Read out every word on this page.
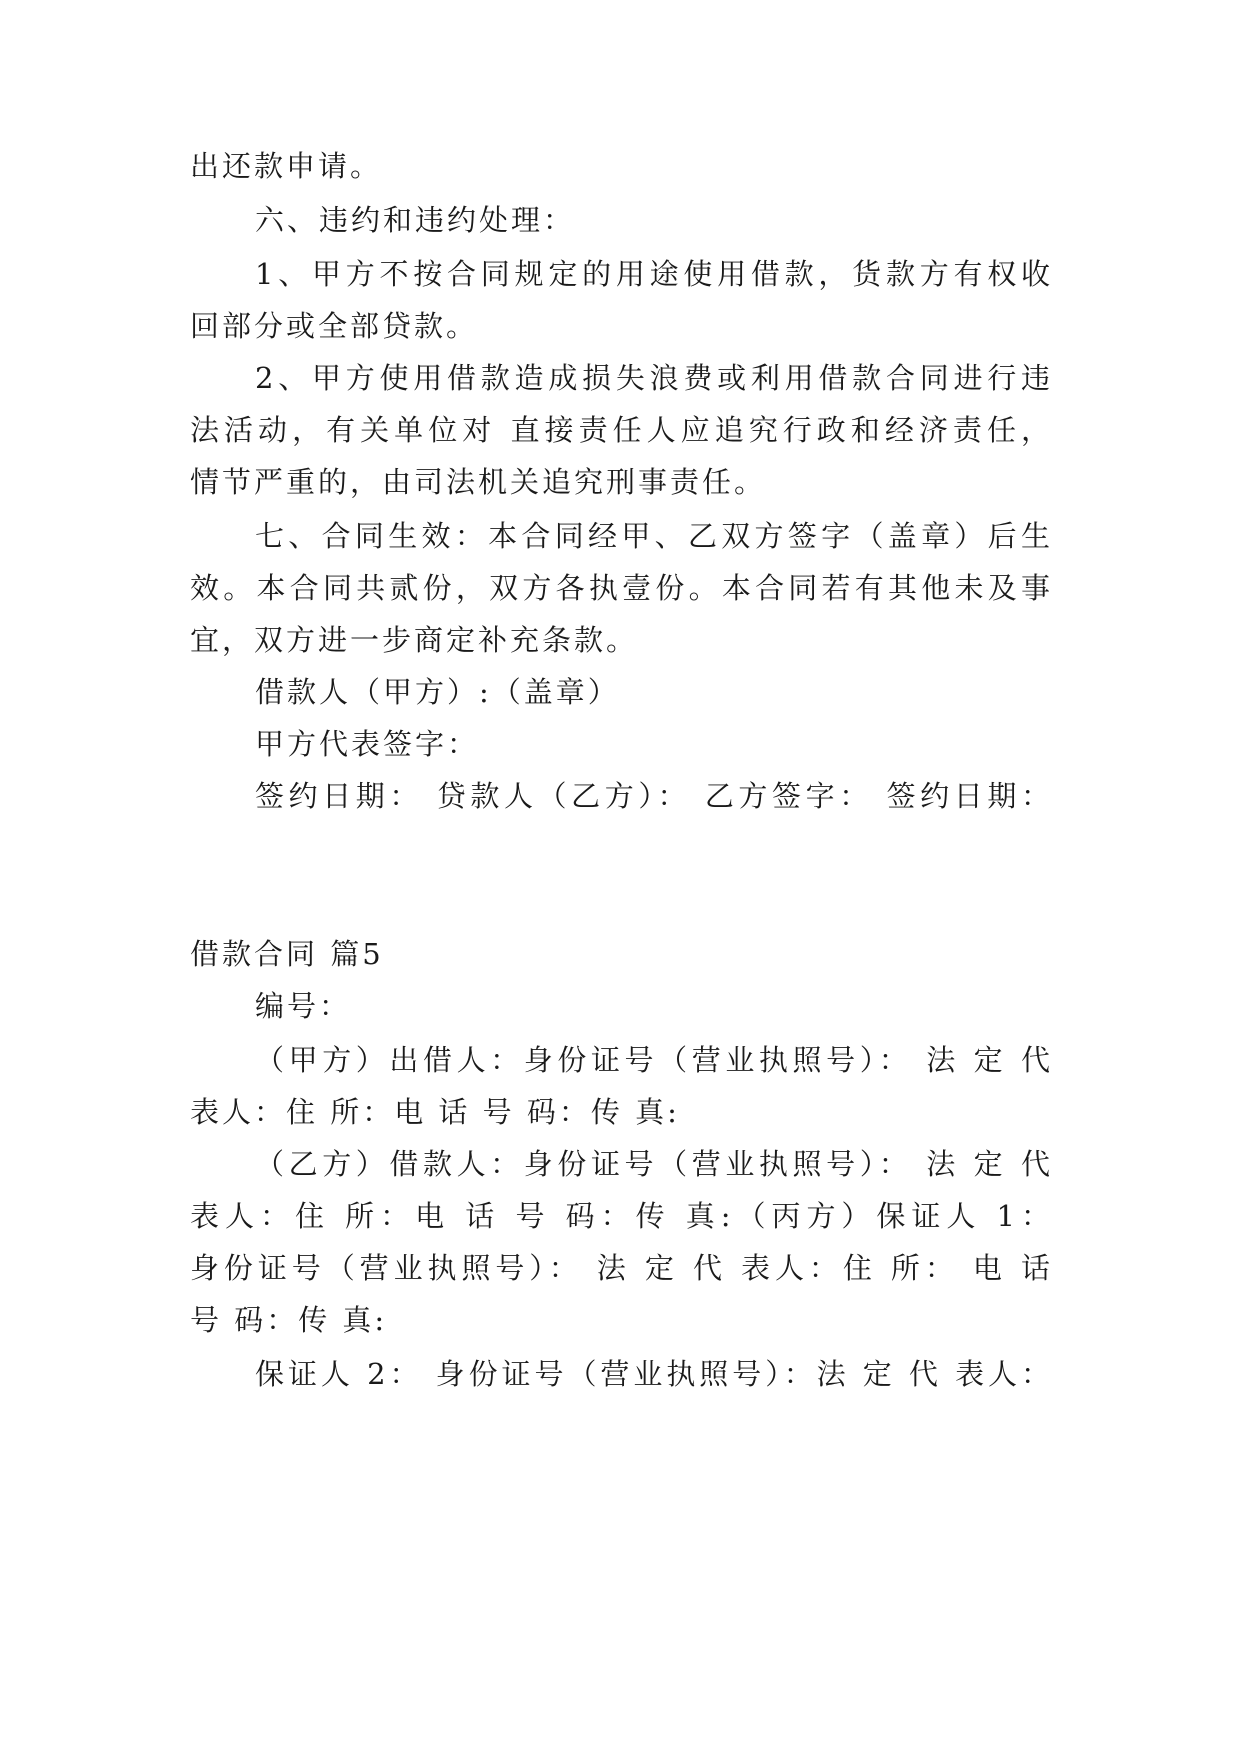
出还款申请。
六、违约和违约处理：
1、甲方不按合同规定的用途使用借款，货款方有权收
回部分或全部贷款。
2、甲方使用借款造成损失浪费或利用借款合同进行违
法活动，有关单位对 直接责任人应追究行政和经济责任，
情节严重的，由司法机关追究刑事责任。
七、合同生效：本合同经甲、乙双方签字（盖章）后生
效。本合同共贰份，双方各执壹份。本合同若有其他未及事
宜，双方进一步商定补充条款。
借款人（甲方）:（盖章）
甲方代表签字：
签约日期： 贷款人（乙方）： 乙方签字： 签约日期：
借款合同 篇5
编号：
（甲方）出借人：身份证号（营业执照号）： 法 定 代
表人：住 所：电 话 号 码：传 真:
（乙方）借款人：身份证号（营业执照号）： 法 定 代
表人：住 所：电 话 号 码：传 真:（丙方）保证人 1：
身份证号（营业执照号）： 法 定 代 表人：住 所： 电 话
号 码：传 真:
保证人 2： 身份证号（营业执照号）：法 定 代 表人：
